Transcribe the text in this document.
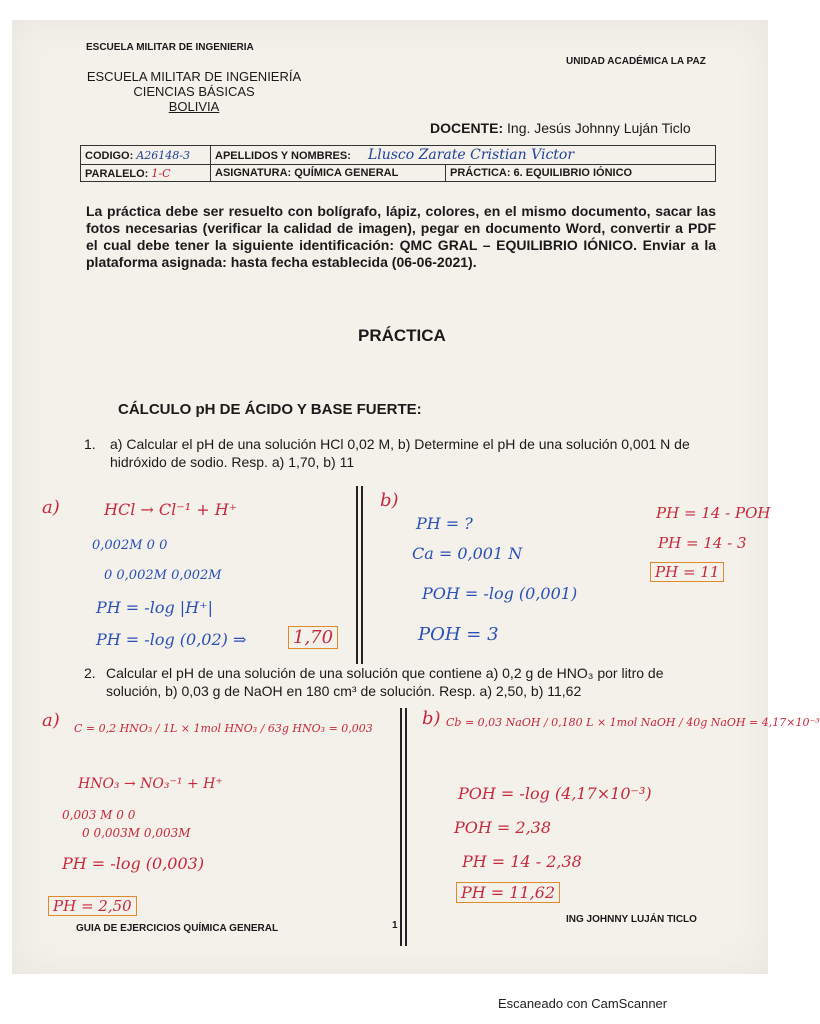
ESCUELA MILITAR DE INGENIERIA
UNIDAD ACADÉMICA LA PAZ
ESCUELA MILITAR DE INGENIERÍA
CIENCIAS BÁSICAS
BOLIVIA
DOCENTE: Ing. Jesús Johnny Luján Ticlo
CODIGO: A26148-3	APELLIDOS Y NOMBRES: Llusco Zarate Cristian Victor	
PARALELO: 1-C	ASIGNATURA: QUÍMICA GENERAL	PRÁCTICA: 6. EQUILIBRIO IÓNICO
La práctica debe ser resuelto con bolígrafo, lápiz, colores, en el mismo documento, sacar las fotos necesarias (verificar la calidad de imagen), pegar en documento Word, convertir a PDF el cual debe tener la siguiente identificación: QMC GRAL – EQUILIBRIO IÓNICO. Enviar a la plataforma asignada: hasta fecha establecida (06-06-2021).
PRÁCTICA
CÁLCULO pH DE ÁCIDO Y BASE FUERTE:
1. a) Calcular el pH de una solución HCl 0,02 M, b) Determine el pH de una solución 0,001 N de hidróxido de sodio. Resp. a) 1,70, b) 11
a)	HCl → Cl⁻¹ + H⁺
0,002M 0 0
0 0,002M 0,002M
PH = -log |H⁺|
PH = -log (0,02) ⇒	1,70
b)
PH = ?
Ca = 0,001 N
POH = -log (0,001)
POH = 3
PH = 14 - POH
PH = 14 - 3
PH = 11
2. Calcular el pH de una solución de una solución que contiene a) 0,2 g de HNO₃ por litro de solución, b) 0,03 g de NaOH en 180 cm³ de solución. Resp. a) 2,50, b) 11,62
a) C = 0,2 HNO₃ / 1L × 1mol HNO₃ / 63g HNO₃ = 0,003
HNO₃ → NO₃⁻¹ + H⁺
0,003 M 0 0
0 0,003M 0,003M
PH = -log (0,003)
PH = 2,50
b) Cb = 0,03 NaOH / 0,180 L × 1mol NaOH / 40g NaOH = 4,17×10⁻³
POH = -log (4,17×10⁻³)
POH = 2,38
PH = 14 - 2,38
PH = 11,62
GUIA DE EJERCICIOS QUÍMICA GENERAL	1
ING JOHNNY LUJÁN TICLO
Escaneado con CamScanner
